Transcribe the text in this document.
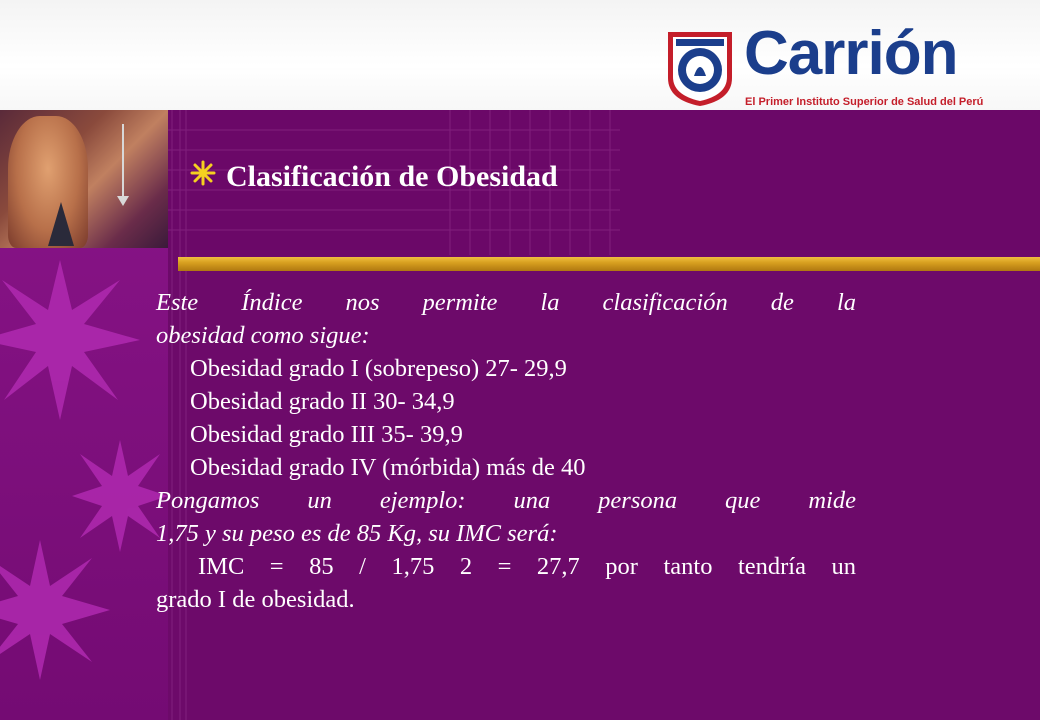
Carrión
El Primer Instituto Superior de Salud del Perú
Clasificación de Obesidad
Este Índice nos permite la clasificación de la
obesidad como sigue:
Obesidad grado I (sobrepeso) 27- 29,9
Obesidad grado II 30- 34,9
Obesidad grado III 35- 39,9
Obesidad grado IV (mórbida) más de 40
Pongamos un ejemplo: una persona que mide
1,75 y su peso es de 85 Kg, su IMC será:
IMC = 85 / 1,75 2 = 27,7 por tanto tendría un
grado I de obesidad.
